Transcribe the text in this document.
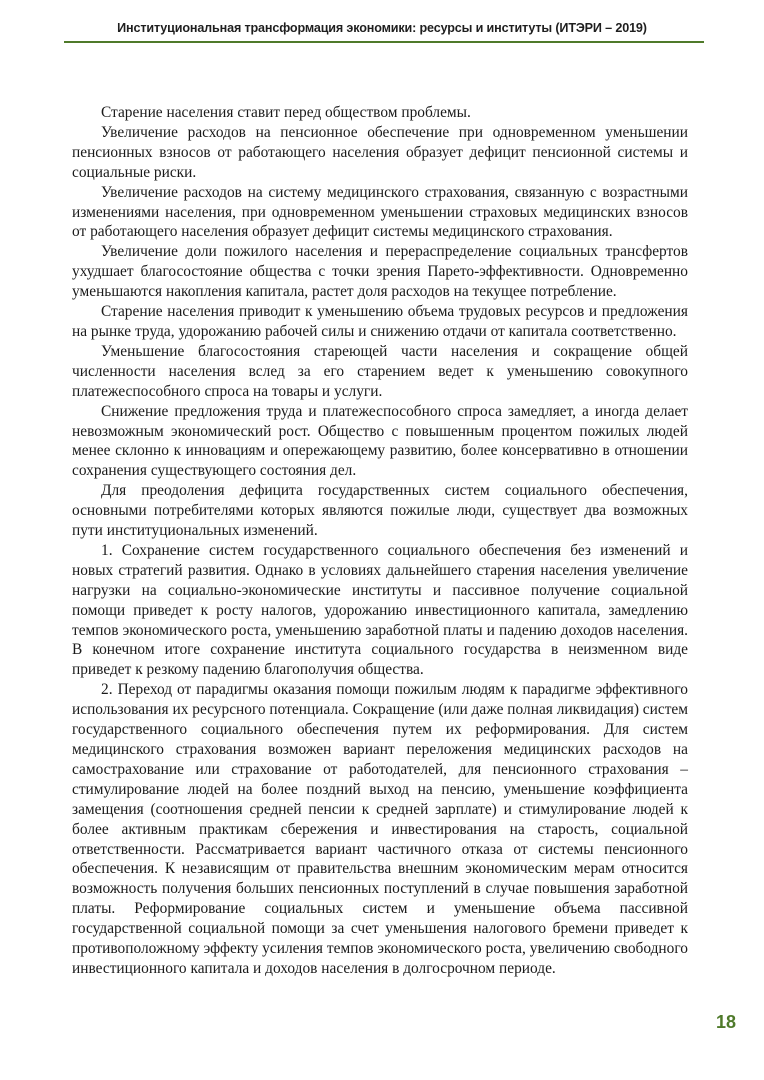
Институциональная трансформация экономики: ресурсы и институты (ИТЭРИ – 2019)

Старение населения ставит перед обществом проблемы.

Увеличение расходов на пенсионное обеспечение при одновременном уменьшении пенсионных взносов от работающего населения образует дефицит пенсионной системы и социальные риски.

Увеличение расходов на систему медицинского страхования, связанную с возрастными изменениями населения, при одновременном уменьшении страховых медицинских взносов от работающего населения образует дефицит системы медицинского страхования.

Увеличение доли пожилого населения и перераспределение социальных трансфертов ухудшает благосостояние общества с точки зрения Парето-эффективности. Одновременно уменьшаются накопления капитала, растет доля расходов на текущее потребление.

Старение населения приводит к уменьшению объема трудовых ресурсов и предложения на рынке труда, удорожанию рабочей силы и снижению отдачи от капитала соответственно.

Уменьшение благосостояния стареющей части населения и сокращение общей численности населения вслед за его старением ведет к уменьшению совокупного платежеспособного спроса на товары и услуги.

Снижение предложения труда и платежеспособного спроса замедляет, а иногда делает невозможным экономический рост. Общество с повышенным процентом пожилых людей менее склонно к инновациям и опережающему развитию, более консервативно в отношении сохранения существующего состояния дел.

Для преодоления дефицита государственных систем социального обеспечения, основными потребителями которых являются пожилые люди, существует два возможных пути институциональных изменений.

1. Сохранение систем государственного социального обеспечения без изменений и новых стратегий развития. Однако в условиях дальнейшего старения населения увеличение нагрузки на социально-экономические институты и пассивное получение социальной помощи приведет к росту налогов, удорожанию инвестиционного капитала, замедлению темпов экономического роста, уменьшению заработной платы и падению доходов населения. В конечном итоге сохранение института социального государства в неизменном виде приведет к резкому падению благополучия общества.

2. Переход от парадигмы оказания помощи пожилым людям к парадигме эффективного использования их ресурсного потенциала. Сокращение (или даже полная ликвидация) систем государственного социального обеспечения путем их реформирования. Для систем медицинского страхования возможен вариант переложения медицинских расходов на самострахование или страхование от работодателей, для пенсионного страхования – стимулирование людей на более поздний выход на пенсию, уменьшение коэффициента замещения (соотношения средней пенсии к средней зарплате) и стимулирование людей к более активным практикам сбережения и инвестирования на старость, социальной ответственности. Рассматривается вариант частичного отказа от системы пенсионного обеспечения. К независящим от правительства внешним экономическим мерам относится возможность получения больших пенсионных поступлений в случае повышения заработной платы. Реформирование социальных систем и уменьшение объема пассивной государственной социальной помощи за счет уменьшения налогового бремени приведет к противоположному эффекту усиления темпов экономического роста, увеличению свободного инвестиционного капитала и доходов населения в долгосрочном периоде.

18
